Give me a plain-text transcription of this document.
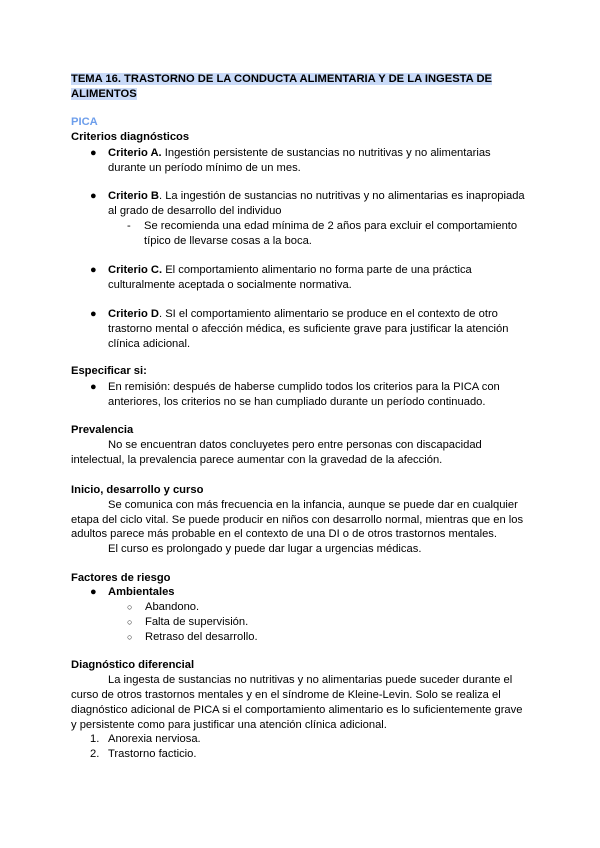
TEMA 16. TRASTORNO DE LA CONDUCTA ALIMENTARIA Y DE LA INGESTA DE
ALIMENTOS
PICA
Criterios diagnósticos
● Criterio A. Ingestión persistente de sustancias no nutritivas y no alimentarias
durante un período mínimo de un mes.
● Criterio B. La ingestión de sustancias no nutritivas y no alimentarias es inapropiada
al grado de desarrollo del individuo
- Se recomienda una edad mínima de 2 años para excluir el comportamiento
típico de llevarse cosas a la boca.
● Criterio C. El comportamiento alimentario no forma parte de una práctica
culturalmente aceptada o socialmente normativa.
● Criterio D. SI el comportamiento alimentario se produce en el contexto de otro
trastorno mental o afección médica, es suficiente grave para justificar la atención
clínica adicional.
Especificar si:
● En remisión: después de haberse cumplido todos los criterios para la PICA con
anteriores, los criterios no se han cumpliado durante un período continuado.
Prevalencia
No se encuentran datos concluyetes pero entre personas con discapacidad
intelectual, la prevalencia parece aumentar con la gravedad de la afección.
Inicio, desarrollo y curso
Se comunica con más frecuencia en la infancia, aunque se puede dar en cualquier
etapa del ciclo vital. Se puede producir en niños con desarrollo normal, mientras que en los
adultos parece más probable en el contexto de una DI o de otros trastornos mentales.
El curso es prolongado y puede dar lugar a urgencias médicas.
Factores de riesgo
● Ambientales
○ Abandono.
○ Falta de supervisión.
○ Retraso del desarrollo.
Diagnóstico diferencial
La ingesta de sustancias no nutritivas y no alimentarias puede suceder durante el
curso de otros trastornos mentales y en el síndrome de Kleine-Levin. Solo se realiza el
diagnóstico adicional de PICA si el comportamiento alimentario es lo suficientemente grave
y persistente como para justificar una atención clínica adicional.
1. Anorexia nerviosa.
2. Trastorno facticio.
